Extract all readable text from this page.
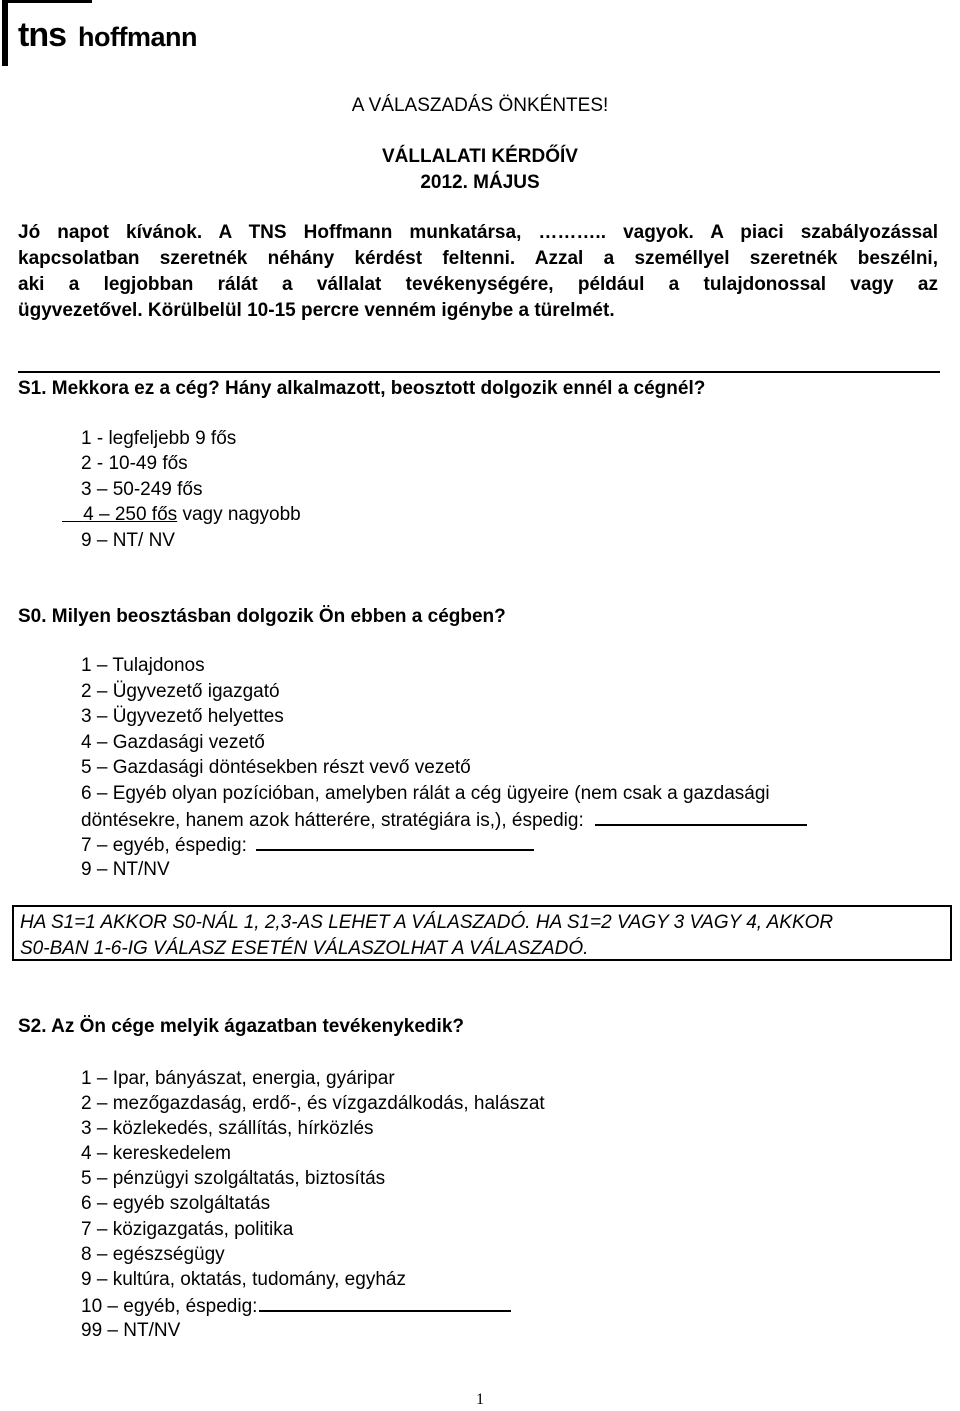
tns hoffmann
A VÁLASZADÁS ÖNKÉNTES!
VÁLLALATI KÉRDŐÍV
2012. MÁJUS
Jó napot kívánok. A TNS Hoffmann munkatársa, ……….. vagyok. A piaci szabályozással
kapcsolatban szeretnék néhány kérdést feltenni. Azzal a személlyel szeretnék beszélni,
aki a legjobban rálát a vállalat tevékenységére, például a tulajdonossal vagy az
ügyvezetővel. Körülbelül 10-15 percre venném igénybe a türelmét.
S1. Mekkora ez a cég? Hány alkalmazott, beosztott dolgozik ennél a cégnél?
1 - legfeljebb 9 fős
2 - 10-49 fős
3 – 50-249 fős
4 – 250 fős vagy nagyobb
9 – NT/ NV
S0. Milyen beosztásban dolgozik Ön ebben a cégben?
1 – Tulajdonos
2 – Ügyvezető igazgató
3 – Ügyvezető helyettes
4 – Gazdasági vezető
5 – Gazdasági döntésekben részt vevő vezető
6 – Egyéb olyan pozícióban, amelyben rálát a cég ügyeire (nem csak a gazdasági
döntésekre, hanem azok hátterére, stratégiára is,), éspedig:
7 – egyéb, éspedig:
9 – NT/NV
HA S1=1 AKKOR S0-NÁL 1, 2,3-AS LEHET A VÁLASZADÓ. HA S1=2 VAGY 3 VAGY 4, AKKOR
S0-BAN 1-6-IG VÁLASZ ESETÉN VÁLASZOLHAT A VÁLASZADÓ.
S2. Az Ön cége melyik ágazatban tevékenykedik?
1 – Ipar, bányászat, energia, gyáripar
2 – mezőgazdaság, erdő-, és vízgazdálkodás, halászat
3 – közlekedés, szállítás, hírközlés
4 – kereskedelem
5 – pénzügyi szolgáltatás, biztosítás
6 – egyéb szolgáltatás
7 – közigazgatás, politika
8 – egészségügy
9 – kultúra, oktatás, tudomány, egyház
10 – egyéb, éspedig:
99 – NT/NV
1
